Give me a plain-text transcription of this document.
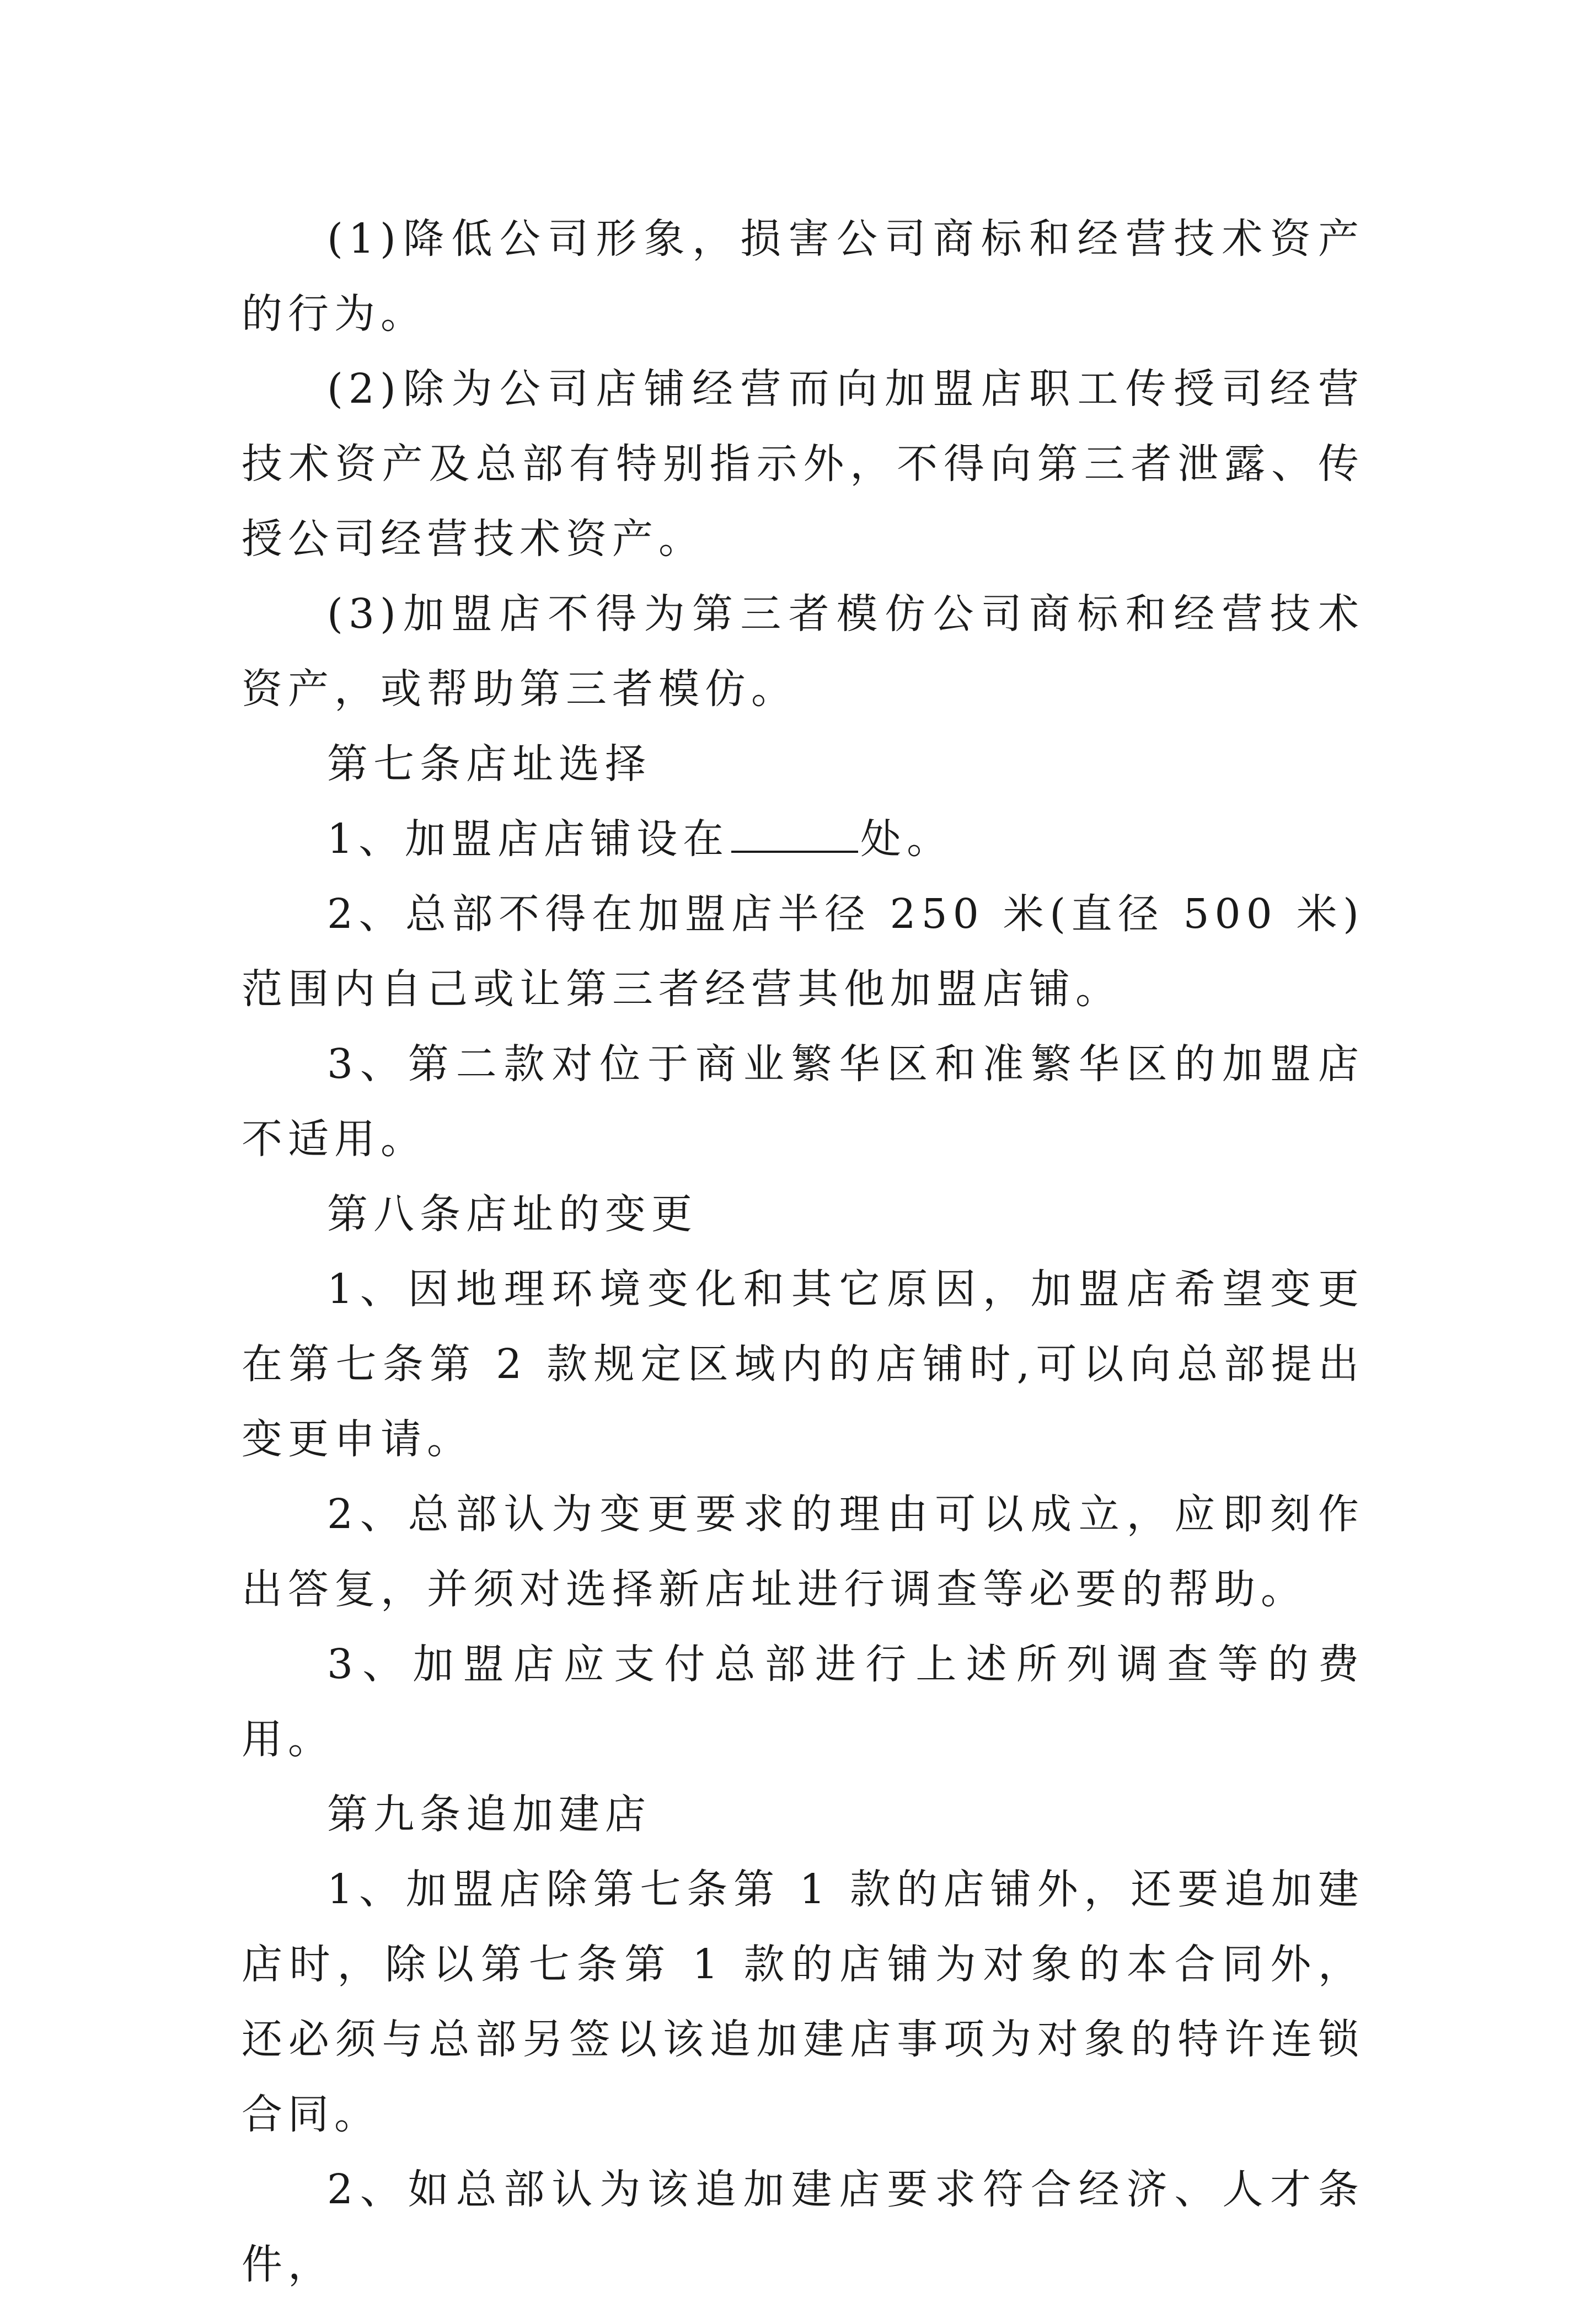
(1)降低公司形象，损害公司商标和经营技术资产的行为。

(2)除为公司店铺经营而向加盟店职工传授司经营技术资产及总部有特别指示外，不得向第三者泄露、传授公司经营技术资产。

(3)加盟店不得为第三者模仿公司商标和经营技术资产，或帮助第三者模仿。

第七条店址选择

1、加盟店店铺设在	处。

2、总部不得在加盟店半径 250 米(直径 500 米)范围内自己或让第三者经营其他加盟店铺。

3、第二款对位于商业繁华区和准繁华区的加盟店不适用。

第八条店址的变更

1、因地理环境变化和其它原因，加盟店希望变更在第七条第 2 款规定区域内的店铺时,可以向总部提出变更申请。

2、总部认为变更要求的理由可以成立，应即刻作出答复，并须对选择新店址进行调查等必要的帮助。

3、加盟店应支付总部进行上述所列调查等的费用。

第九条追加建店

1、加盟店除第七条第 1 款的店铺外，还要追加建店时，除以第七条第 1 款的店铺为对象的本合同外，还必须与总部另签以该追加建店事项为对象的特许连锁合同。

2、如总部认为该追加建店要求符合经济、人才条件，
